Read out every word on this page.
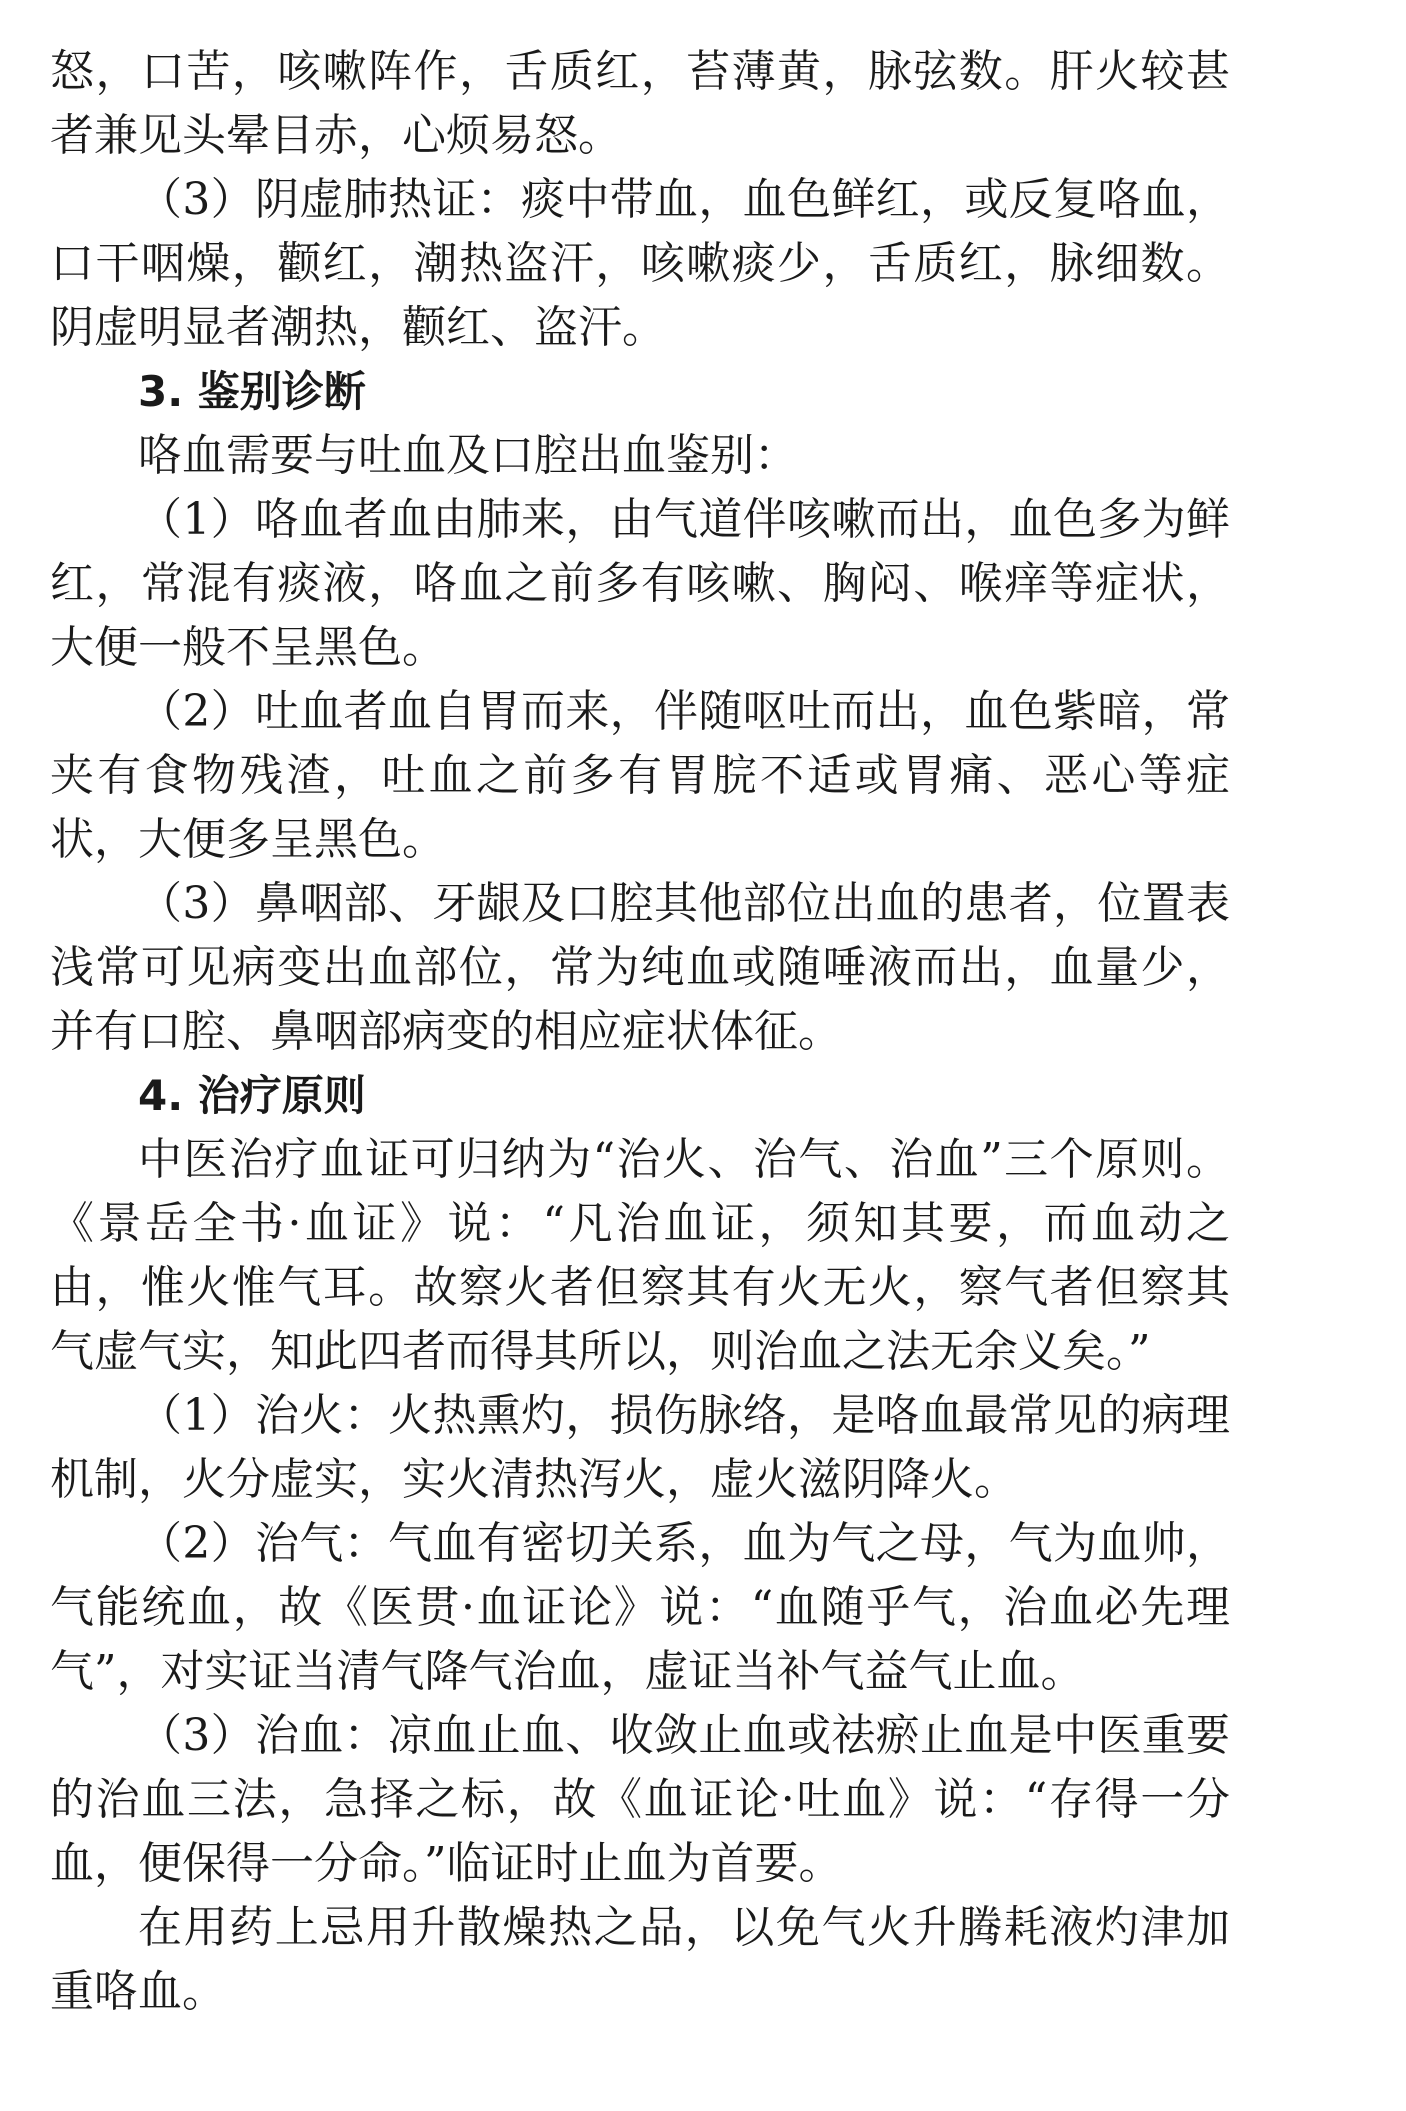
怒，口苦，咳嗽阵作，舌质红，苔薄黄，脉弦数。肝火较甚者兼见头晕目赤，心烦易怒。

（3）阴虚肺热证：痰中带血，血色鲜红，或反复咯血，口干咽燥，颧红，潮热盗汗，咳嗽痰少，舌质红，脉细数。阴虚明显者潮热，颧红、盗汗。

3. 鉴别诊断

咯血需要与吐血及口腔出血鉴别：

（1）咯血者血由肺来，由气道伴咳嗽而出，血色多为鲜红，常混有痰液，咯血之前多有咳嗽、胸闷、喉痒等症状，大便一般不呈黑色。

（2）吐血者血自胃而来，伴随呕吐而出，血色紫暗，常夹有食物残渣，吐血之前多有胃脘不适或胃痛、恶心等症状，大便多呈黑色。

（3）鼻咽部、牙龈及口腔其他部位出血的患者，位置表浅常可见病变出血部位，常为纯血或随唾液而出，血量少，并有口腔、鼻咽部病变的相应症状体征。

4. 治疗原则

中医治疗血证可归纳为“治火、治气、治血”三个原则。《景岳全书·血证》说：“凡治血证，须知其要，而血动之由，惟火惟气耳。故察火者但察其有火无火，察气者但察其气虚气实，知此四者而得其所以，则治血之法无余义矣。”

（1）治火：火热熏灼，损伤脉络，是咯血最常见的病理机制，火分虚实，实火清热泻火，虚火滋阴降火。

（2）治气：气血有密切关系，血为气之母，气为血帅，气能统血，故《医贯·血证论》说：“血随乎气，治血必先理气”，对实证当清气降气治血，虚证当补气益气止血。

（3）治血：凉血止血、收敛止血或祛瘀止血是中医重要的治血三法，急择之标，故《血证论·吐血》说：“存得一分血，便保得一分命。”临证时止血为首要。

在用药上忌用升散燥热之品，以免气火升腾耗液灼津加重咯血。
